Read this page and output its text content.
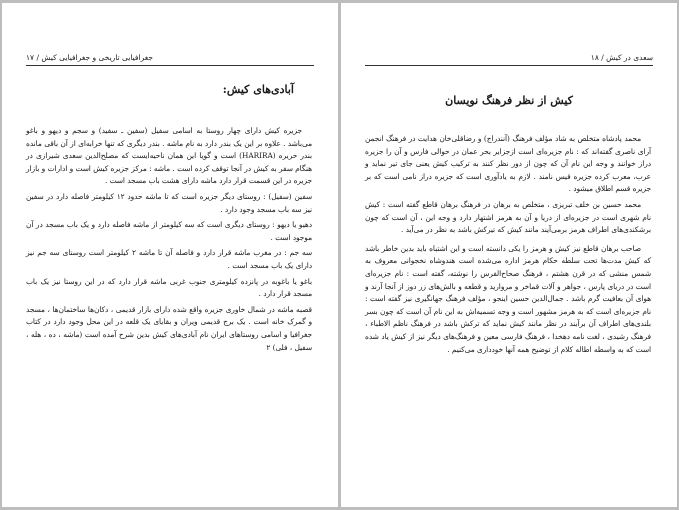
جغرافیایی تاریخی و جغرافیایی کیش / ۱۷
آبادی‌های کیش:

جزیره کیش دارای چهار روستا به اسامی سفیل (سفین ـ سفید) و سجم و دیهو و باغو می‌باشد . علاوه بر این یک بندر دارد به نام ماشه . بندر دیگری که تنها خرابه‌ای از آن باقی مانده بندر حریره (HARIRA) است و گویا این همان ناحیه‌ایست که مصلح‌الدین سعدی شیرازی در هنگام سفر به کیش در آنجا توقف کرده است . ماشه : مرکز جزیره کیش است و ادارات و بازار جزیره در این قسمت قرار دارد ماشه دارای هشت باب مسجد است .

سفین (سفیل) : روستای دیگر جزیره است که تا ماشه حدود ۱۲ کیلومتر فاصله دارد در سفین نیز سه باب مسجد وجود دارد .

دهیو یا دیهو : روستای دیگری است که سه کیلومتر از ماشه فاصله دارد و یک باب مسجد در آن موجود است .

سه جم : در مغرب ماشه قرار دارد و فاصله آن تا ماشه ۲ کیلومتر است روستای سه جم نیز دارای یک باب مسجد است .

باغو یا باغوبه در پانزده کیلومتری جنوب غربی ماشه قرار دارد که در این روستا نیز یک باب مسجد قرار دارد .

قصبه ماشه در شمال خاوری جزیره واقع شده دارای بازار قدیمی ، دکان‌ها ساختمان‌ها ، مسجد و گمرک خانه است . یک برج قدیمی ویران و بقایای یک قلعه در این محل وجود دارد در کتاب جغرافیا و اسامی روستاهای ایران نام آبادی‌های کیش بدین شرح آمده است (ماشه ، ده ، هله ، سفیل ، فلی) ۲

سعدی در کیش / ۱۸
کیش از نظر فرهنگ نویسان

محمد پادشاه متخلص به شاد مؤلف فرهنگ (آنندراج) و رضاقلی‌خان هدایت در فرهنگ انجمن آرای ناصری گفته‌اند که : نام جزیره‌ای است ازجزایر بحر عمان در حوالی فارس و آن را جزیره دراز خوانند و وجه این نام آن که چون از دور نظر کنند به ترکیب کیش یعنی جای تیر نماید و عرب، معرب کرده جزیره قیس نامند . لازم به یادآوری است که جزیره دراز نامی است که بر جزیره قسم اطلاق میشود .

محمد حسین بن خلف تبریزی ، متخلص به برهان در فرهنگ برهان قاطع گفته است : کیش نام شهری است در جزیره‌ای از دریا و آن به هرمز اشتهار دارد و وجه این ، آن است که چون برشکندی‌های اطراف هرمز برمی‌آیند مانند کیش که تیرکش باشد به نظر در می‌آید .

صاحب برهان قاطع نیز کیش و هرمز را یکی دانسته است و این اشتباه باید بدین خاطر باشد که کیش مدت‌ها تحت سلطه حکام هرمز اداره می‌شده است هندوشاه نخجوانی معروف به شمس منشی که در قرن هشتم ، فرهنگ صحاح‌الفرس را نوشته، گفته است : نام جزیره‌ای است در دریای پارس ، جواهر و آلات قماخر و مروارید و قطعه و بالش‌های زر دوز از آنجا آرند و هوای آن بعافیت گرم باشد . جمال‌الدین حسین اینجو ، مؤلف فرهنگ جهانگیری نیز گفته است : نام جزیره‌ای است که به هرمز مشهور است و وجه تسمیه‌اش به این نام آن است که چون بسر بلندی‌های اطراف آن برآیند در نظر مانند کیش نماید که ترکش باشد در فرهنگ ناظم الاطباء ، فرهنگ رشیدی ، لغت نامه دهخدا ، فرهنگ فارسی معین و فرهنگ‌های دیگر نیز از کیش یاد شده است که به واسطه اطاله کلام از توضیح همه آنها خودداری می‌کنیم .
